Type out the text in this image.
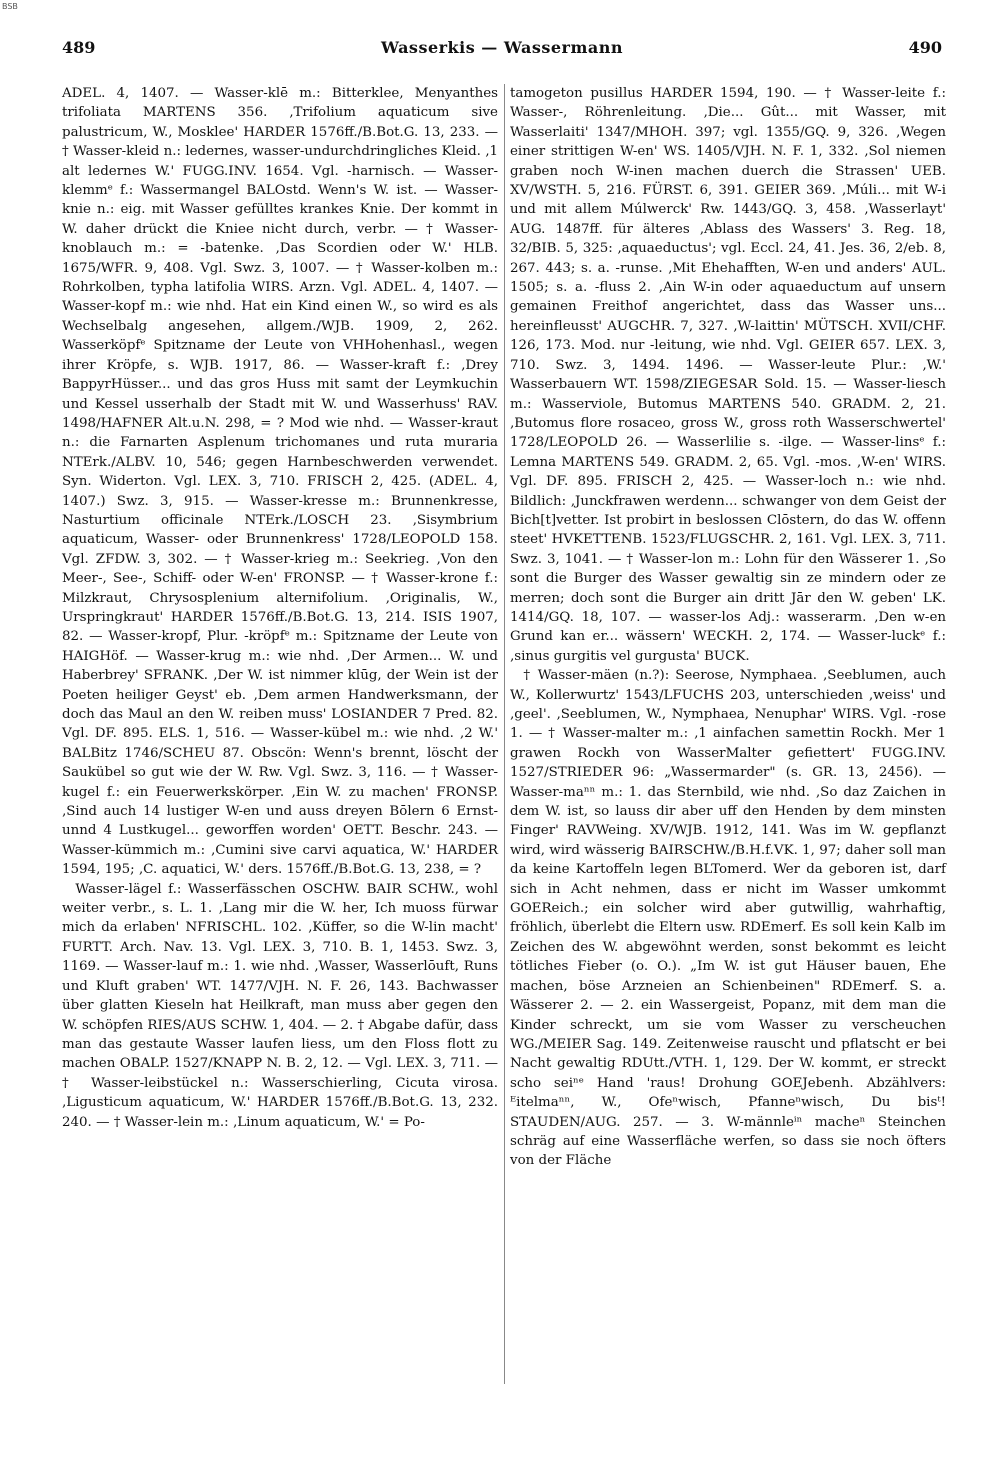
BSB
489	Wasserkis — Wassermann	490

ADEL. 4, 1407. — Wasser-klē m.: Bitterklee, Menyanthes trifoliata MARTENS 356. ‚Trifolium aquaticum sive palustricum, W., Mosklee' HARDER 1576ff./B.Bot.G. 13, 233. — † Wasser-kleid n.: ledernes, wasser-undurchdringliches Kleid. ‚1 alt ledernes W.' FUGG.INV. 1654. Vgl. -harnisch. — Wasser-klemmᵉ f.: Wassermangel BALOstd. Wenn's W. ist. — Wasser-knie n.: eig. mit Wasser gefülltes krankes Knie. Der kommt in W. daher drückt die Kniee nicht durch, verbr. — † Wasser-knoblauch m.: = -batenke. ‚Das Scordien oder W.' HLB. 1675/WFR. 9, 408. Vgl. Swz. 3, 1007. — † Wasser-kolben m.: Rohrkolben, typha latifolia WIRS. Arzn. Vgl. ADEL. 4, 1407. — Wasser-kopf m.: wie nhd. Hat ein Kind einen W., so wird es als Wechselbalg angesehen, allgem./WJB. 1909, 2, 262. Wasserköpfᵉ Spitzname der Leute von VHHohenhasl., wegen ihrer Kröpfe, s. WJB. 1917, 86. — Wasser-kraft f.: ‚Drey BappyrHüsser... und das gros Huss mit samt der Leymkuchin und Kessel usserhalb der Stadt mit W. und Wasserhuss' RAV. 1498/HAFNER Alt.u.N. 298, = ? Mod wie nhd. — Wasser-kraut n.: die Farnarten Asplenum trichomanes und ruta muraria NTErk./ALBV. 10, 546; gegen Harnbeschwerden verwendet. Syn. Widerton. Vgl. LEX. 3, 710. FRISCH 2, 425. (ADEL. 4, 1407.) Swz. 3, 915. — Wasser-kresse m.: Brunnenkresse, Nasturtium officinale NTErk./LOSCH 23. ‚Sisymbrium aquaticum, Wasser- oder Brunnenkress' 1728/LEOPOLD 158. Vgl. ZFDW. 3, 302. — † Wasser-krieg m.: Seekrieg. ‚Von den Meer-, See-, Schiff- oder W-en' FRONSP. — † Wasser-krone f.: Milzkraut, Chrysosplenium alternifolium. ‚Originalis, W., Urspringkraut' HARDER 1576ff./B.Bot.G. 13, 214. ISIS 1907, 82. — Wasser-kropf, Plur. -kröpfᵉ m.: Spitzname der Leute von HAIGHöf. — Wasser-krug m.: wie nhd. ‚Der Armen... W. und Haberbrey' SFRANK. ‚Der W. ist nimmer klūg, der Wein ist der Poeten heiliger Geyst' eb. ‚Dem armen Handwerksmann, der doch das Maul an den W. reiben muss' LOSIANDER 7 Pred. 82. Vgl. DF. 895. ELS. 1, 516. — Wasser-kübel m.: wie nhd. ‚2 W.' BALBitz 1746/SCHEU 87. Obscön: Wenn's brennt, löscht der Saukübel so gut wie der W. Rw. Vgl. Swz. 3, 116. — † Wasser-kugel f.: ein Feuerwerkskörper. ‚Ein W. zu machen' FRONSP. ‚Sind auch 14 lustiger W-en und auss dreyen Bōlern 6 Ernst- unnd 4 Lustkugel... geworffen worden' OETT. Beschr. 243. — Wasser-kümmich m.: ‚Cumini sive carvi aquatica, W.' HARDER 1594, 195; ‚C. aquatici, W.' ders. 1576ff./B.Bot.G. 13, 238, = ?

Wasser-lägel f.: Wasserfässchen OSCHW. BAIR SCHW., wohl weiter verbr., s. L. 1. ‚Lang mir die W. her, Ich muoss fürwar mich da erlaben' NFRISCHL. 102. ‚Küffer, so die W-lin macht' FURTT. Arch. Nav. 13. Vgl. LEX. 3, 710. B. 1, 1453. Swz. 3, 1169. — Wasser-lauf m.: 1. wie nhd. ‚Wasser, Wasserlōuft, Runs und Kluft graben' WT. 1477/VJH. N. F. 26, 143. Bachwasser über glatten Kieseln hat Heilkraft, man muss aber gegen den W. schöpfen RIES/AUS SCHW. 1, 404. — 2. † Abgabe dafür, dass man das gestaute Wasser laufen liess, um den Floss flott zu machen OBALP. 1527/KNAPP N. B. 2, 12. — Vgl. LEX. 3, 711. — † Wasser-leibstückel n.: Wasserschierling, Cicuta virosa. ‚Ligusticum aquaticum, W.' HARDER 1576ff./B.Bot.G. 13, 232. 240. — † Wasser-lein m.: ‚Linum aquaticum, W.' = Po-

tamogeton pusillus HARDER 1594, 190. — † Wasser-leite f.: Wasser-, Röhrenleitung. ‚Die... Gût... mit Wasser, mit Wasserlaiti' 1347/MHOH. 397; vgl. 1355/GQ. 9, 326. ‚Wegen einer strittigen W-en' WS. 1405/VJH. N. F. 1, 332. ‚Sol niemen graben noch W-inen machen duerch die Strassen' UEB. XV/WSTH. 5, 216. FÜRST. 6, 391. GEIER 369. ‚Múli... mit W-i und mit allem Múlwerck' Rw. 1443/GQ. 3, 458. ‚Wasserlayt' AUG. 1487ff. für älteres ‚Ablass des Wassers' 3. Reg. 18, 32/BIB. 5, 325: ‚aquaeductus'; vgl. Eccl. 24, 41. Jes. 36, 2/eb. 8, 267. 443; s. a. -runse. ‚Mit Ehehafften, W-en und anders' AUL. 1505; s. a. -fluss 2. ‚Ain W-in oder aquaeductum auf unsern gemainen Freithof angerichtet, dass das Wasser uns... hereinfleusst' AUGCHR. 7, 327. ‚W-laittin' MÜTSCH. XVII/CHF. 126, 173. Mod. nur -leitung, wie nhd. Vgl. GEIER 657. LEX. 3, 710. Swz. 3, 1494. 1496. — Wasser-leute Plur.: ‚W.' Wasserbauern WT. 1598/ZIEGESAR Sold. 15. — Wasser-liesch m.: Wasserviole, Butomus MARTENS 540. GRADM. 2, 21. ‚Butomus flore rosaceo, gross W., gross roth Wasserschwertel' 1728/LEOPOLD 26. — Wasserlilie s. -ilge. — Wasser-linsᵉ f.: Lemna MARTENS 549. GRADM. 2, 65. Vgl. -mos. ‚W-en' WIRS. Vgl. DF. 895. FRISCH 2, 425. — Wasser-loch n.: wie nhd. Bildlich: ‚Junckfrawen werdenn... schwanger von dem Geist der Bich[t]vetter. Ist probirt in beslossen Clōstern, do das W. offenn steet' HVKETTENB. 1523/FLUGSCHR. 2, 161. Vgl. LEX. 3, 711. Swz. 3, 1041. — † Wasser-lon m.: Lohn für den Wässerer 1. ‚So sont die Burger des Wasser gewaltig sin ze mindern oder ze merren; doch sont die Burger ain dritt Jār den W. geben' LK. 1414/GQ. 18, 107. — wasser-los Adj.: wasserarm. ‚Den w-en Grund kan er... wässern' WECKH. 2, 174. — Wasser-luckᵉ f.: ‚sinus gurgitis vel gurgusta' BUCK.

† Wasser-mäen (n.?): Seerose, Nymphaea. ‚Seeblumen, auch W., Kollerwurtz' 1543/LFUCHS 203, unterschieden ‚weiss' und ‚geel'. ‚Seeblumen, W., Nymphaea, Nenuphar' WIRS. Vgl. -rose 1. — † Wasser-malter m.: ‚1 ainfachen samettin Rockh. Mer 1 grawen Rockh von WasserMalter gefiettert' FUGG.INV. 1527/STRIEDER 96: „Wassermarder" (s. GR. 13, 2456). — Wasser-maⁿⁿ m.: 1. das Sternbild, wie nhd. ‚So daz Zaichen in dem W. ist, so lauss dir aber uff den Henden by dem minsten Finger' RAVWeing. XV/WJB. 1912, 141. Was im W. gepflanzt wird, wird wässerig BAIRSCHW./B.H.f.VK. 1, 97; daher soll man da keine Kartoffeln legen BLTomerd. Wer da geboren ist, darf sich in Acht nehmen, dass er nicht im Wasser umkommt GOEReich.; ein solcher wird aber gutwillig, wahrhaftig, fröhlich, überlebt die Eltern usw. RDEmerf. Es soll kein Kalb im Zeichen des W. abgewöhnt werden, sonst bekommt es leicht tötliches Fieber (o. O.). „Im W. ist gut Häuser bauen, Ehe machen, böse Arzneien an Schienbeinen" RDEmerf. S. a. Wässerer 2. — 2. ein Wassergeist, Popanz, mit dem man die Kinder schreckt, um sie vom Wasser zu verscheuchen WG./MEIER Sag. 149. Zeitenweise rauscht und pflatscht er bei Nacht gewaltig RDUtt./VTH. 1, 129. Der W. kommt, er streckt scho seiⁿᵉ Hand 'raus! Drohung GOEJebenh. Abzählvers: ᴱitelmaⁿⁿ, W., Ofeⁿwisch, Pfanneⁿwisch, Du bisᵗ! STAUDEN/AUG. 257. — 3. W-männleⁱⁿ macheⁿ Steinchen schräg auf eine Wasserfläche werfen, so dass sie noch öfters von der Fläche
